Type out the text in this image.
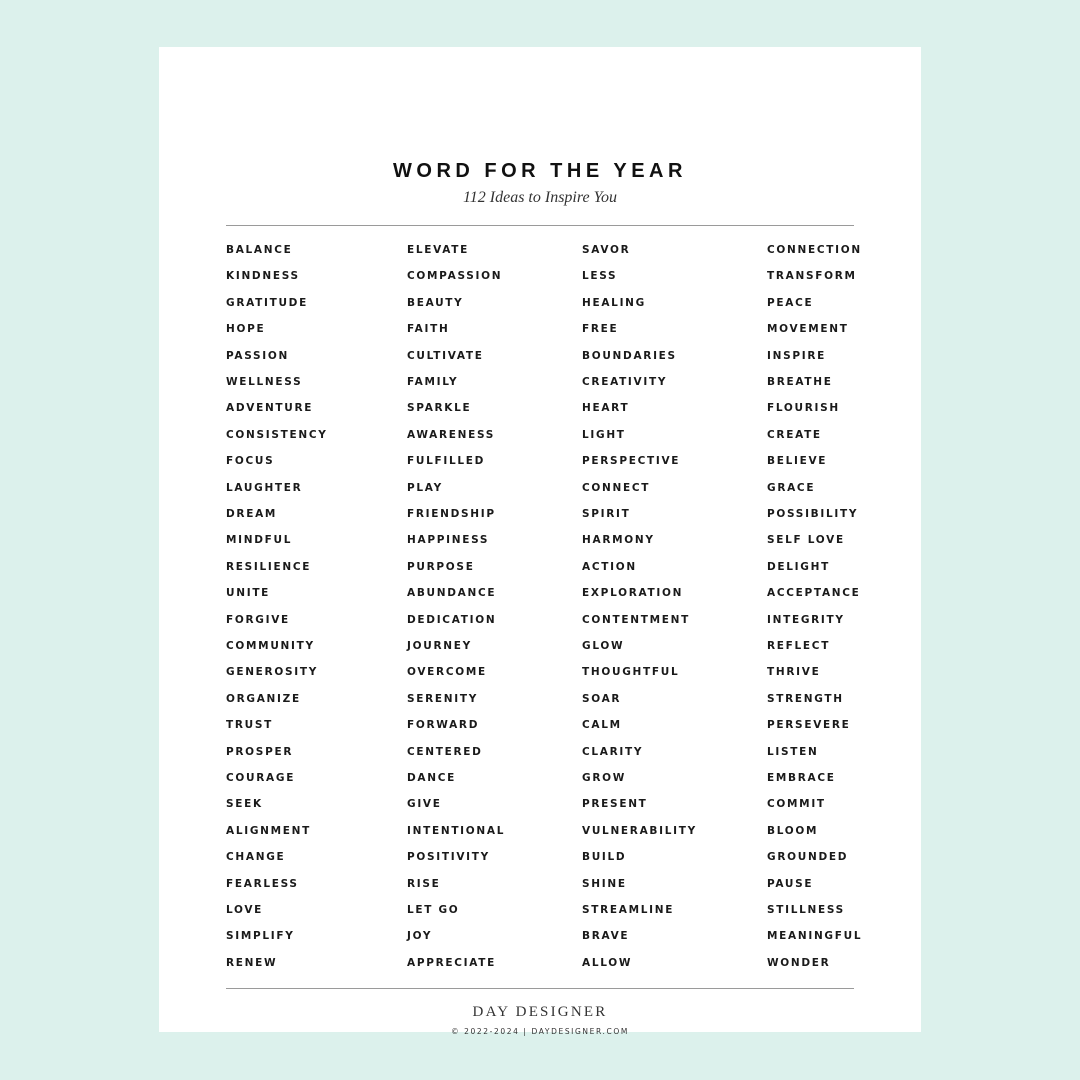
WORD FOR THE YEAR
112 Ideas to Inspire You
BALANCE
KINDNESS
GRATITUDE
HOPE
PASSION
WELLNESS
ADVENTURE
CONSISTENCY
FOCUS
LAUGHTER
DREAM
MINDFUL
RESILIENCE
UNITE
FORGIVE
COMMUNITY
GENEROSITY
ORGANIZE
TRUST
PROSPER
COURAGE
SEEK
ALIGNMENT
CHANGE
FEARLESS
LOVE
SIMPLIFY
RENEW
ELEVATE
COMPASSION
BEAUTY
FAITH
CULTIVATE
FAMILY
SPARKLE
AWARENESS
FULFILLED
PLAY
FRIENDSHIP
HAPPINESS
PURPOSE
ABUNDANCE
DEDICATION
JOURNEY
OVERCOME
SERENITY
FORWARD
CENTERED
DANCE
GIVE
INTENTIONAL
POSITIVITY
RISE
LET GO
JOY
APPRECIATE
SAVOR
LESS
HEALING
FREE
BOUNDARIES
CREATIVITY
HEART
LIGHT
PERSPECTIVE
CONNECT
SPIRIT
HARMONY
ACTION
EXPLORATION
CONTENTMENT
GLOW
THOUGHTFUL
SOAR
CALM
CLARITY
GROW
PRESENT
VULNERABILITY
BUILD
SHINE
STREAMLINE
BRAVE
ALLOW
CONNECTION
TRANSFORM
PEACE
MOVEMENT
INSPIRE
BREATHE
FLOURISH
CREATE
BELIEVE
GRACE
POSSIBILITY
SELF LOVE
DELIGHT
ACCEPTANCE
INTEGRITY
REFLECT
THRIVE
STRENGTH
PERSEVERE
LISTEN
EMBRACE
COMMIT
BLOOM
GROUNDED
PAUSE
STILLNESS
MEANINGFUL
WONDER
DAY DESIGNER
© 2022-2024 | DAYDESIGNER.COM
